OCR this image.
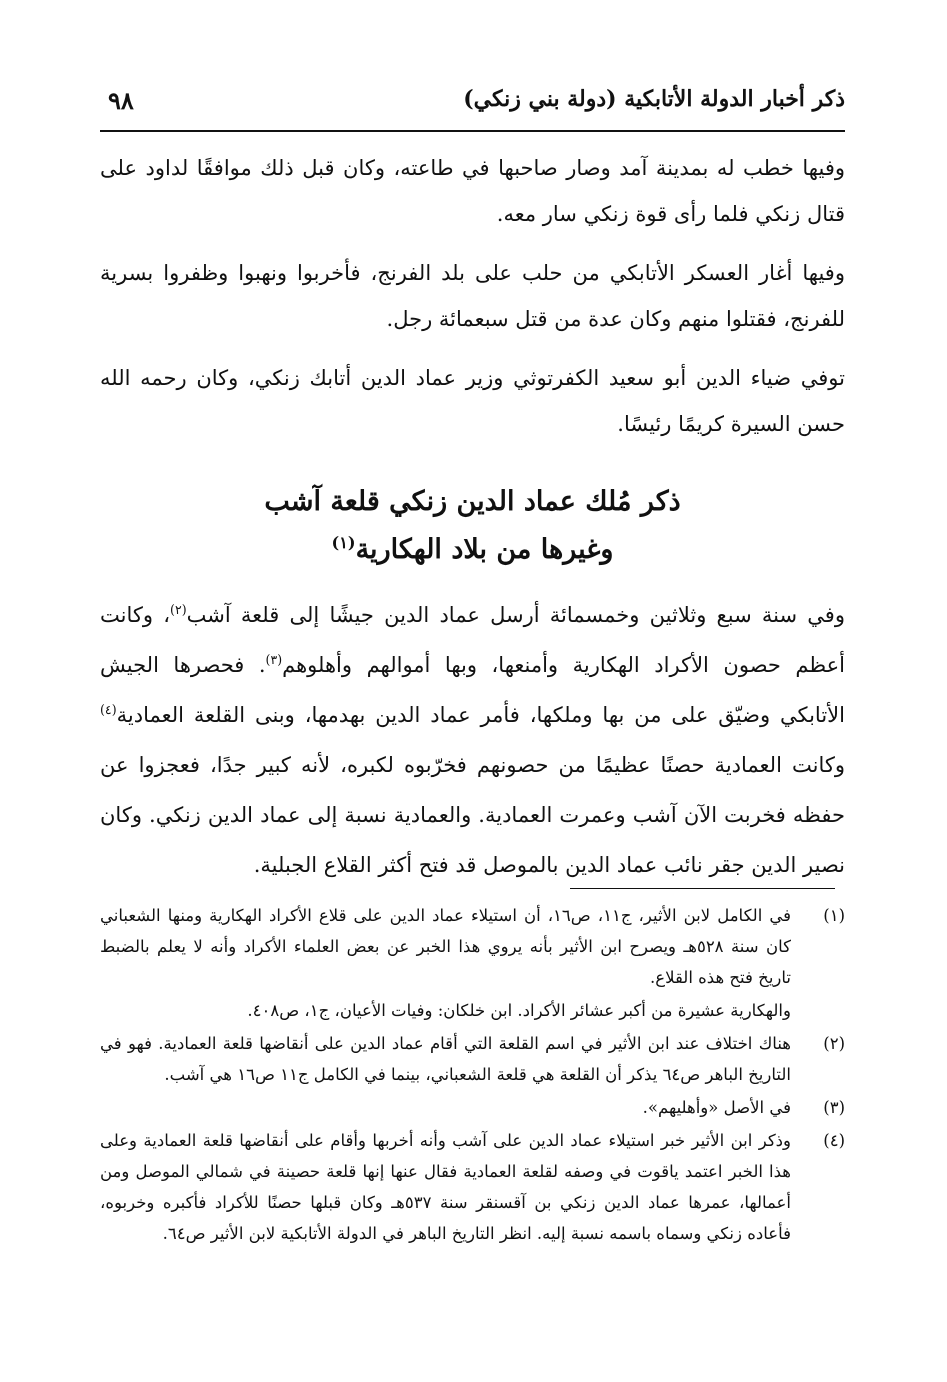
ذكر أخبار الدولة الأتابكية (دولة بني زنكي)
٩٨

وفيها خطب له بمدينة آمد وصار صاحبها في طاعته، وكان قبل ذلك موافقًا لداود على قتال زنكي فلما رأى قوة زنكي سار معه.

وفيها أغار العسكر الأتابكي من حلب على بلد الفرنج، فأخربوا ونهبوا وظفروا بسرية للفرنج، فقتلوا منهم وكان عدة من قتل سبعمائة رجل.

توفي ضياء الدين أبو سعيد الكفرتوثي وزير عماد الدين أتابك زنكي، وكان رحمه الله حسن السيرة كريمًا رئيسًا.

ذكر مُلك عماد الدين زنكي قلعة آشب
وغيرها من بلاد الهكارية$^{(١)}$

وفي سنة سبع وثلاثين وخمسمائة أرسل عماد الدين جيشًا إلى قلعة آشب$^{(٢)}$، وكانت أعظم حصون الأكراد الهكارية وأمنعها، وبها أموالهم وأهلوهم$^{(٣)}$. فحصرها الجيش الأتابكي وضيّق على من بها وملكها، فأمر عماد الدين بهدمها، وبنى القلعة العمادية$^{(٤)}$ وكانت العمادية حصنًا عظيمًا من حصونهم فخرّبوه لكبره، لأنه كبير جدًا، فعجزوا عن حفظه فخربت الآن آشب وعمرت العمادية. والعمادية نسبة إلى عماد الدين زنكي. وكان نصير الدين جقر نائب عماد الدين بالموصل قد فتح أكثر القلاع الجبلية.

(١)
في الكامل لابن الأثير، ج١١، ص١٦، أن استيلاء عماد الدين على قلاع الأكراد الهكارية ومنها الشعباني كان سنة ٥٢٨هـ ويصرح ابن الأثير بأنه يروي هذا الخبر عن بعض العلماء الأكراد وأنه لا يعلم بالضبط تاريخ فتح هذه القلاع.
والهكارية عشيرة من أكبر عشائر الأكراد. ابن خلكان: وفيات الأعيان، ج١، ص٤٠٨.
(٢)
هناك اختلاف عند ابن الأثير في اسم القلعة التي أقام عماد الدين على أنقاضها قلعة العمادية. فهو في التاريخ الباهر ص٦٤ يذكر أن القلعة هي قلعة الشعباني، بينما في الكامل ج١١ ص١٦ هي آشب.
(٣)
في الأصل «وأهليهم».
(٤)
وذكر ابن الأثير خبر استيلاء عماد الدين على آشب وأنه أخربها وأقام على أنقاضها قلعة العمادية وعلى هذا الخبر اعتمد ياقوت في وصفه لقلعة العمادية فقال عنها إنها قلعة حصينة في شمالي الموصل ومن أعمالها، عمرها عماد الدين زنكي بن آقسنقر سنة ٥٣٧هـ وكان قبلها حصنًا للأكراد فأكبره وخربوه، فأعاده زنكي وسماه باسمه نسبة إليه. انظر التاريخ الباهر في الدولة الأتابكية لابن الأثير ص٦٤.
